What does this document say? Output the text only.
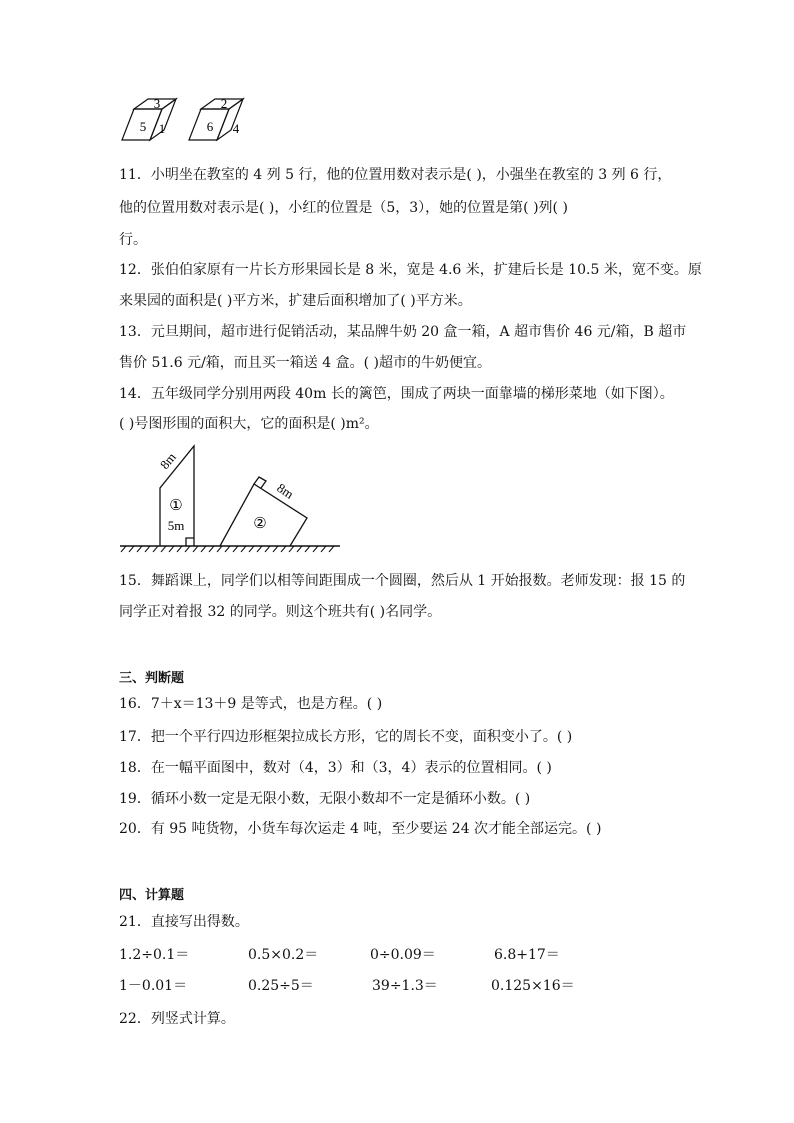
3
5 1
2
6 4
11．小明坐在教室的 4 列 5 行，他的位置用数对表示是( )，小强坐在教室的 3 列 6 行，
他的位置用数对表示是( )，小红的位置是（5，3），她的位置是第( )列( )
行。
12．张伯伯家原有一片长方形果园长是 8 米，宽是 4.6 米，扩建后长是 10.5 米，宽不变。原
来果园的面积是( )平方米，扩建后面积增加了( )平方米。
13．元旦期间，超市进行促销活动，某品牌牛奶 20 盒一箱，A 超市售价 46 元/箱，B 超市
售价 51.6 元/箱，而且买一箱送 4 盒。( )超市的牛奶便宜。
14．五年级同学分别用两段 40m 长的篱笆，围成了两块一面靠墙的梯形菜地（如下图）。
( )号图形围的面积大，它的面积是( )m²。
8m
①
5m
8m
②
15．舞蹈课上，同学们以相等间距围成一个圆圈，然后从 1 开始报数。老师发现：报 15 的
同学正对着报 32 的同学。则这个班共有( )名同学。
三、判断题
16．7＋x＝13＋9 是等式，也是方程。( )
17．把一个平行四边形框架拉成长方形，它的周长不变，面积变小了。( )
18．在一幅平面图中，数对（4，3）和（3，4）表示的位置相同。( )
19．循环小数一定是无限小数，无限小数却不一定是循环小数。( )
20．有 95 吨货物，小货车每次运走 4 吨，至少要运 24 次才能全部运完。( )
四、计算题
21．直接写出得数。
1.2÷0.1＝	0.5×0.2＝	0÷0.09＝	6.8+17＝
1－0.01＝	0.25÷5＝	39÷1.3＝	0.125×16＝
22．列竖式计算。
